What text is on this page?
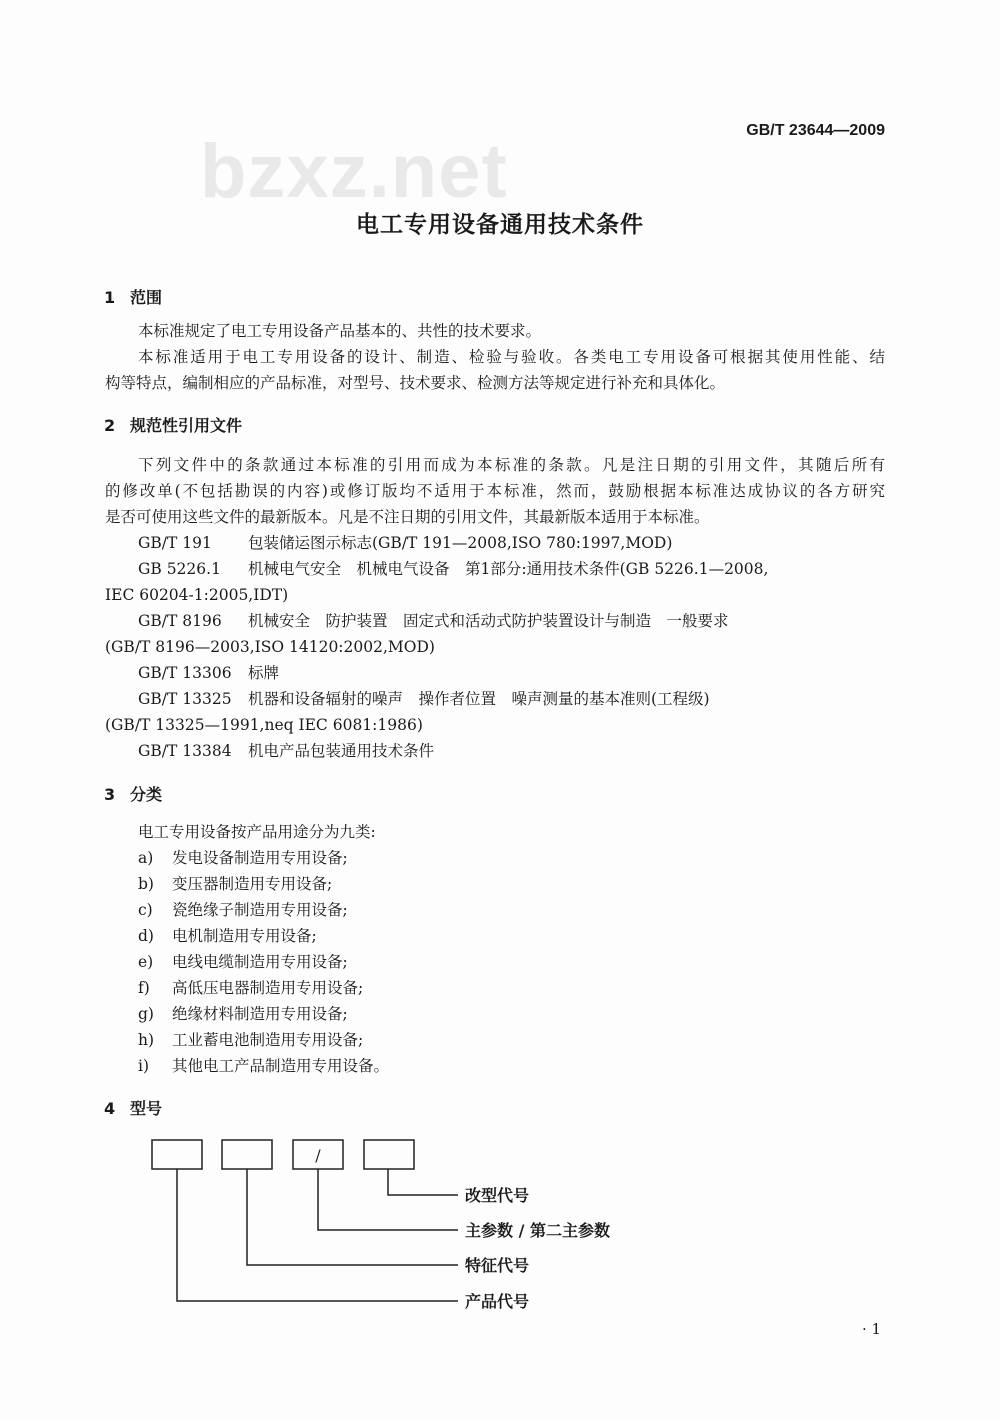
GB/T 23644—2009
bzxz.net
电工专用设备通用技术条件
1 范围
本标准规定了电工专用设备产品基本的、共性的技术要求。
本标准适用于电工专用设备的设计、制造、检验与验收。各类电工专用设备可根据其使用性能、结
构等特点，编制相应的产品标准，对型号、技术要求、检测方法等规定进行补充和具体化。
2 规范性引用文件
下列文件中的条款通过本标准的引用而成为本标准的条款。凡是注日期的引用文件，其随后所有
的修改单(不包括勘误的内容)或修订版均不适用于本标准，然而，鼓励根据本标准达成协议的各方研究
是否可使用这些文件的最新版本。凡是不注日期的引用文件，其最新版本适用于本标准。
GB/T 191 包装储运图示标志(GB/T 191—2008,ISO 780:1997,MOD)
GB 5226.1 机械电气安全　机械电气设备　第1部分:通用技术条件(GB 5226.1—2008,
IEC 60204-1:2005,IDT)
GB/T 8196 机械安全　防护装置　固定式和活动式防护装置设计与制造　一般要求
(GB/T 8196—2003,ISO 14120:2002,MOD)
GB/T 13306 标牌
GB/T 13325 机器和设备辐射的噪声　操作者位置　噪声测量的基本准则(工程级)
(GB/T 13325—1991,neq IEC 6081:1986)
GB/T 13384 机电产品包装通用技术条件
3 分类
电工专用设备按产品用途分为九类:
a) 发电设备制造用专用设备;
b) 变压器制造用专用设备;
c) 瓷绝缘子制造用专用设备;
d) 电机制造用专用设备;
e) 电线电缆制造用专用设备;
f) 高低压电器制造用专用设备;
g) 绝缘材料制造用专用设备;
h) 工业蓄电池制造用专用设备;
i) 其他电工产品制造用专用设备。
4 型号
/
改型代号
主参数 / 第二主参数
特征代号
产品代号
· 1
